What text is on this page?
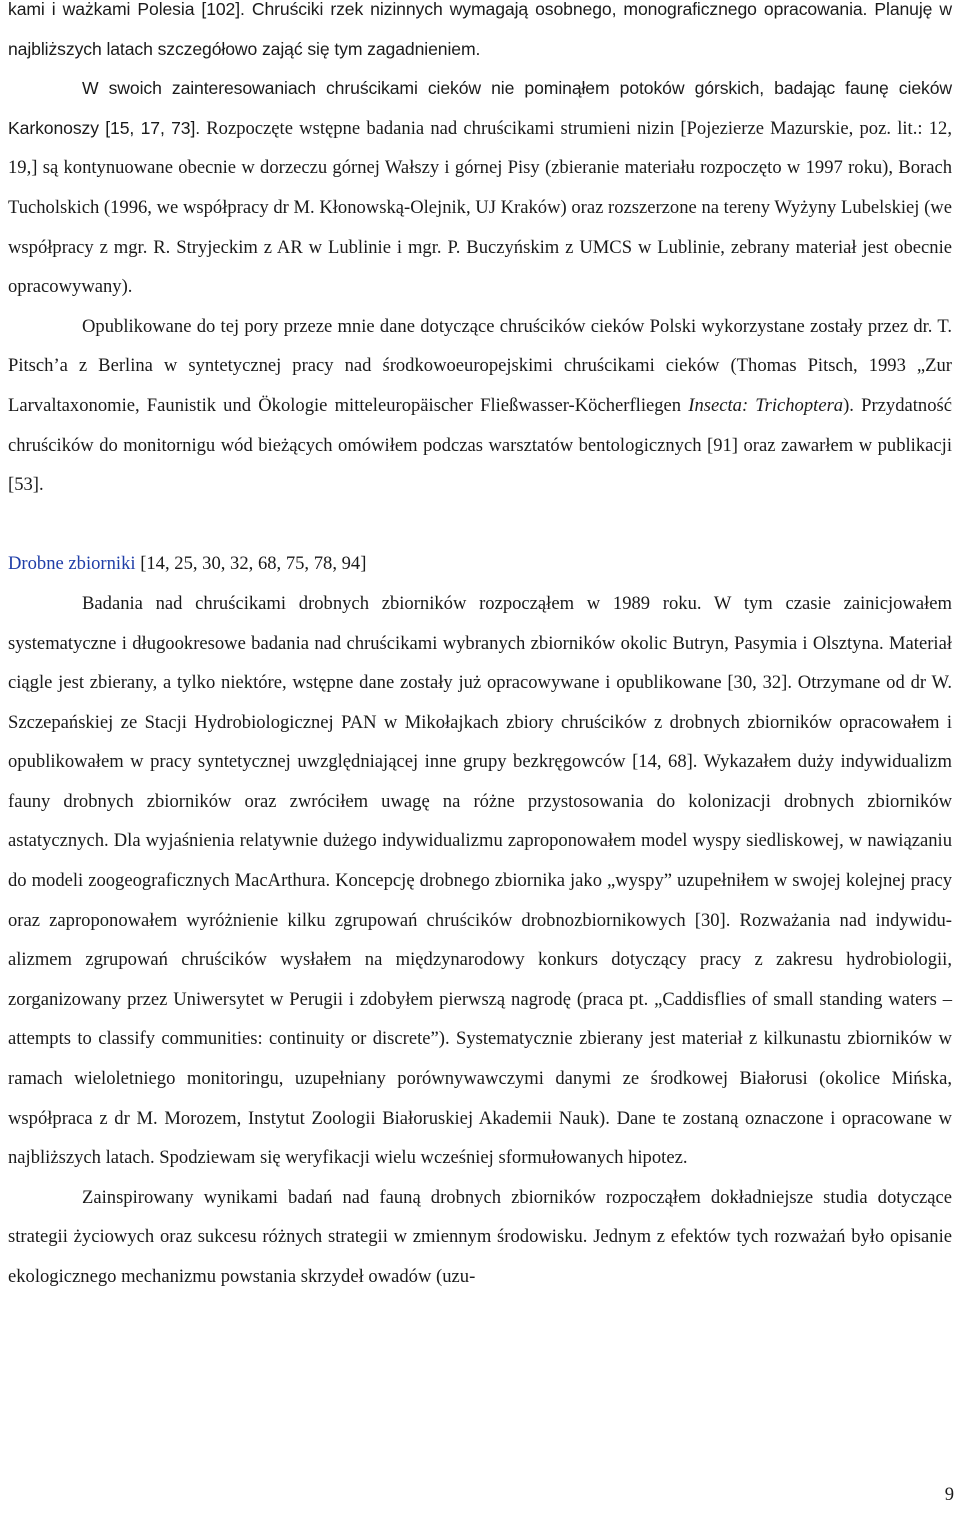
kami i ważkami Polesia [102]. Chruściki rzek nizinnych wymagają osobnego, monograficznego opracowania. Planuję w najbliższych latach szczegółowo zająć się tym zagadnieniem.

W swoich zainteresowaniach chruścikami cieków nie pominąłem potoków górskich, badając faunę cieków Karkonoszy [15, 17, 73]. Rozpoczęte wstępne badania nad chruścikami strumieni nizin [Pojezierze Mazurskie, poz. lit.: 12, 19,] są kontynuowane obecnie w dorzeczu górnej Wałszy i górnej Pisy (zbieranie materiału rozpoczęto w 1997 roku), Borach Tucholskich (1996, we współpracy dr M. Kłonowską-Olejnik, UJ Kraków) oraz rozszerzone na tereny Wyżyny Lubelskiej (we współpracy z mgr. R. Stryjeckim z AR w Lublinie i mgr. P. Buczyńskim z UMCS w Lublinie, zebrany materiał jest obecnie opracowywany).

Opublikowane do tej pory przeze mnie dane dotyczące chruścików cieków Polski wykorzystane zostały przez dr. T. Pitsch’a z Berlina w syntetycznej pracy nad środkowoeuropejskimi chruścikami cieków (Thomas Pitsch, 1993 „Zur Larvaltaxonomie, Faunistik und Ökologie mitteleuropäischer Fließwasser-Köcherfliegen Insecta: Trichoptera). Przydatność chruścików do monitornigu wód bieżących omówiłem podczas warsztatów bentologicznych [91] oraz zawarłem w publikacji [53].

Drobne zbiorniki [14, 25, 30, 32, 68, 75, 78, 94]

Badania nad chruścikami drobnych zbiorników rozpocząłem w 1989 roku. W tym czasie zainicjowałem systematyczne i długookresowe badania nad chruścikami wybranych zbiorników okolic Butryn, Pasymia i Olsztyna. Materiał ciągle jest zbierany, a tylko niektóre, wstępne dane zostały już opracowywane i opublikowane [30, 32]. Otrzymane od dr W. Szczepańskiej ze Stacji Hydrobiologicznej PAN w Mikołajkach zbiory chruścików z drobnych zbiorników opracowałem i opublikowałem w pracy syntetycznej uwzględniającej inne grupy bezkręgowców [14, 68]. Wykazałem duży indywidualizm fauny drobnych zbiorników oraz zwróciłem uwagę na różne przystosowania do kolonizacji drobnych zbiorników astatycznych. Dla wyjaśnienia relatywnie dużego indywidualizmu zaproponowałem model wyspy siedliskowej, w nawiązaniu do modeli zoogeograficznych MacArthura. Koncepcję drobnego zbiornika jako „wyspy” uzupełniłem w swojej kolejnej pracy oraz zaproponowałem wyróżnienie kilku zgrupowań chruścików drobnozbiornikowych [30]. Rozważania nad indywidualizmem zgrupowań chruścików wysłałem na międzynarodowy konkurs dotyczący pracy z zakresu hydrobiologii, zorganizowany przez Uniwersytet w Perugii i zdobyłem pierwszą nagrodę (praca pt. „Caddisflies of small standing waters – attempts to classify communities: continuity or discrete”). Systematycznie zbierany jest materiał z kilkunastu zbiorników w ramach wieloletniego monitoringu, uzupełniany porównywawczymi danymi ze środkowej Białorusi (okolice Mińska, współpraca z dr M. Morozem, Instytut Zoologii Białoruskiej Akademii Nauk). Dane te zostaną oznaczone i opracowane w najbliższych latach. Spodziewam się weryfikacji wielu wcześniej sformułowanych hipotez.

Zainspirowany wynikami badań nad fauną drobnych zbiorników rozpocząłem dokładniejsze studia dotyczące strategii życiowych oraz sukcesu różnych strategii w zmiennym środowisku. Jednym z efektów tych rozważań było opisanie ekologicznego mechanizmu powstania skrzydeł owadów (uzu-

9
